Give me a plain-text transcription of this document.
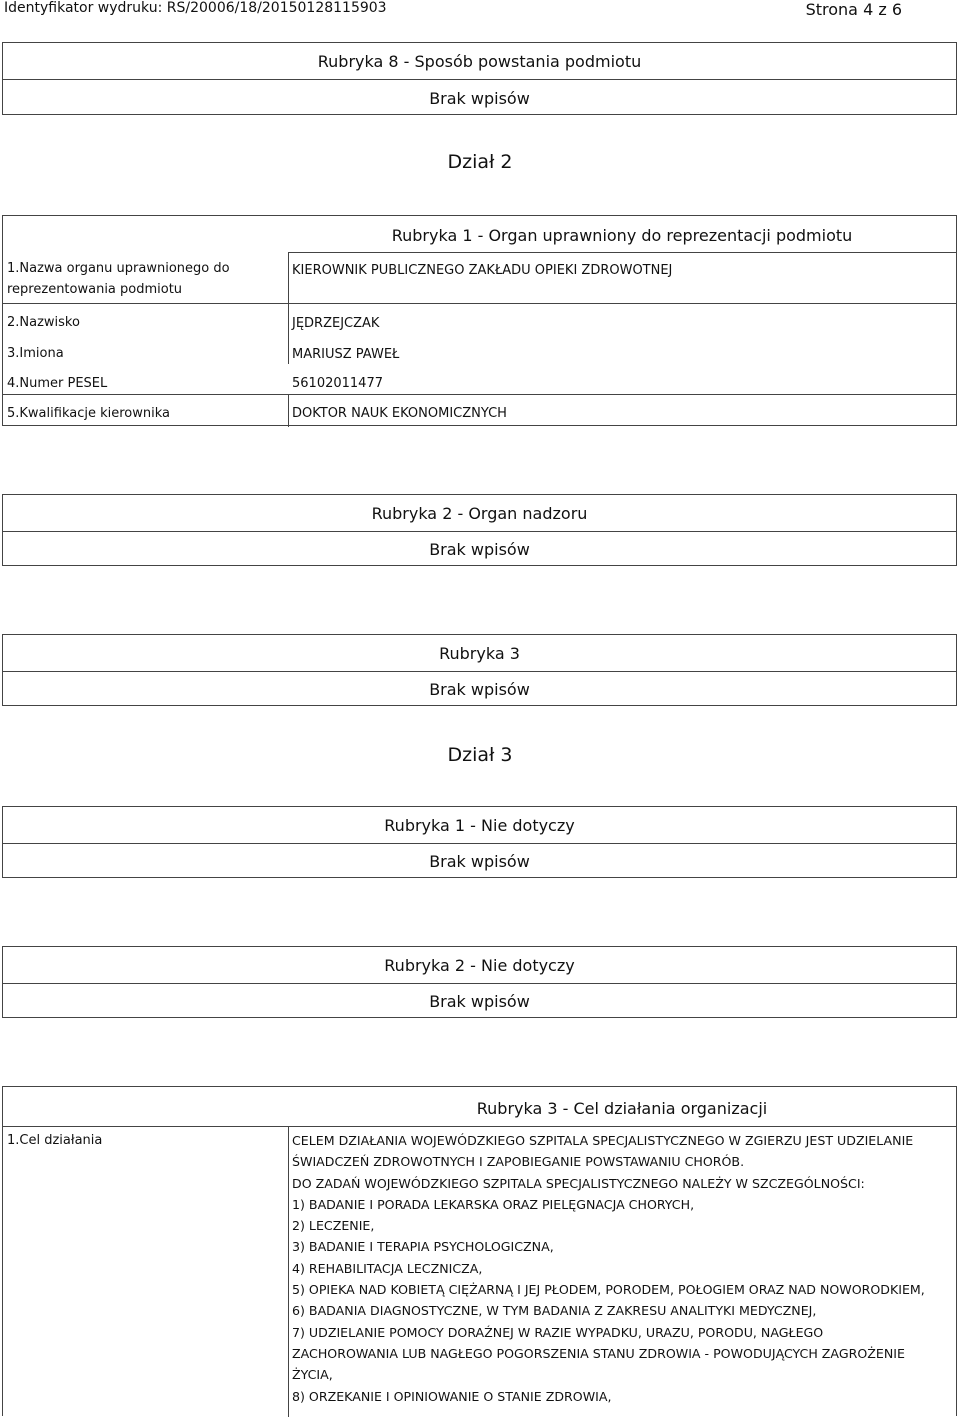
Identyfikator wydruku: RS/20006/18/20150128115903	Strona 4 z 6
Rubryka 8 - Sposób powstania podmiotu
Brak wpisów
Dział 2
Rubryka 1 - Organ uprawniony do reprezentacji podmiotu
1.Nazwa organu uprawnionego do reprezentowania podmiotu
KIEROWNIK PUBLICZNEGO ZAKŁADU OPIEKI ZDROWOTNEJ
2.Nazwisko	JĘDRZEJCZAK
3.Imiona	MARIUSZ PAWEŁ
4.Numer PESEL	56102011477
5.Kwalifikacje kierownika	DOKTOR NAUK EKONOMICZNYCH
Rubryka 2 - Organ nadzoru
Brak wpisów
Rubryka 3
Brak wpisów
Dział 3
Rubryka 1 - Nie dotyczy
Brak wpisów
Rubryka 2 - Nie dotyczy
Brak wpisów
Rubryka 3 - Cel działania organizacji
1.Cel działania	CELEM DZIAŁANIA WOJEWÓDZKIEGO SZPITALA SPECJALISTYCZNEGO W ZGIERZU JEST UDZIELANIE
ŚWIADCZEŃ ZDROWOTNYCH I ZAPOBIEGANIE POWSTAWANIU CHORÓB.
DO ZADAŃ WOJEWÓDZKIEGO SZPITALA SPECJALISTYCZNEGO NALEŻY W SZCZEGÓLNOŚCI:
1) BADANIE I PORADA LEKARSKA ORAZ PIELĘGNACJA CHORYCH,
2) LECZENIE,
3) BADANIE I TERAPIA PSYCHOLOGICZNA,
4) REHABILITACJA LECZNICZA,
5) OPIEKA NAD KOBIETĄ CIĘŻARNĄ I JEJ PŁODEM, PORODEM, POŁOGIEM ORAZ NAD NOWORODKIEM,
6) BADANIA DIAGNOSTYCZNE, W TYM BADANIA Z ZAKRESU ANALITYKI MEDYCZNEJ,
7) UDZIELANIE POMOCY DORAŹNEJ W RAZIE WYPADKU, URAZU, PORODU, NAGŁEGO
ZACHOROWANIA LUB NAGŁEGO POGORSZENIA STANU ZDROWIA - POWODUJĄCYCH ZAGROŻENIE
ŻYCIA,
8) ORZEKANIE I OPINIOWANIE O STANIE ZDROWIA,
